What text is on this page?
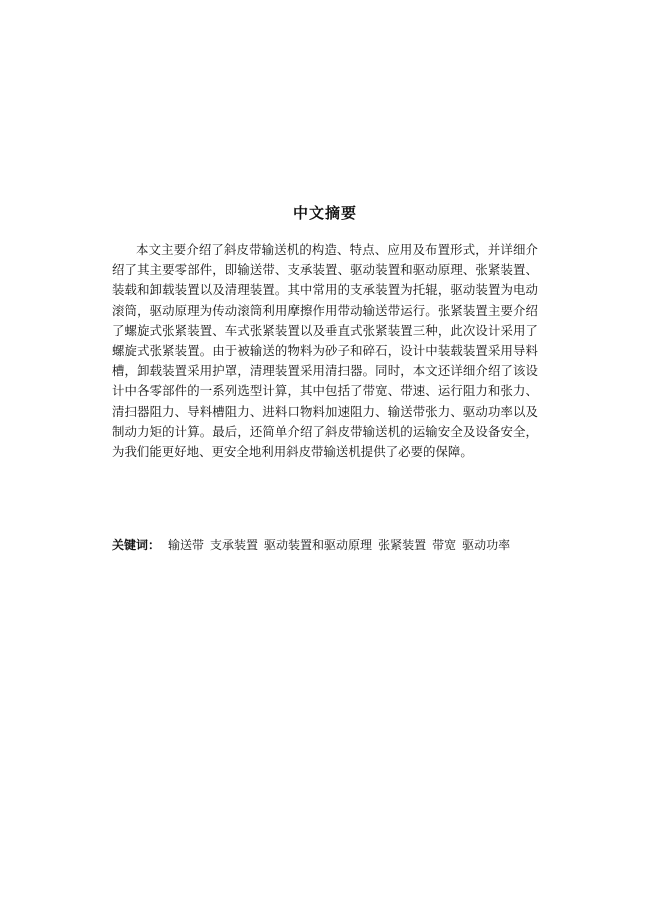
中文摘要

本文主要介绍了斜皮带输送机的构造、特点、应用及布置形式，并详细介绍了其主要零部件，即输送带、支承装置、驱动装置和驱动原理、张紧装置、装载和卸载装置以及清理装置。其中常用的支承装置为托辊，驱动装置为电动滚筒，驱动原理为传动滚筒利用摩擦作用带动输送带运行。张紧装置主要介绍了螺旋式张紧装置、车式张紧装置以及垂直式张紧装置三种，此次设计采用了螺旋式张紧装置。由于被输送的物料为砂子和碎石，设计中装载装置采用导料槽，卸载装置采用护罩，清理装置采用清扫器。同时，本文还详细介绍了该设计中各零部件的一系列选型计算，其中包括了带宽、带速、运行阻力和张力、清扫器阻力、导料槽阻力、进料口物料加速阻力、输送带张力、驱动功率以及制动力矩的计算。最后，还简单介绍了斜皮带输送机的运输安全及设备安全，为我们能更好地、更安全地利用斜皮带输送机提供了必要的保障。

关键词： 输送带 支承装置 驱动装置和驱动原理 张紧装置 带宽 驱动功率
